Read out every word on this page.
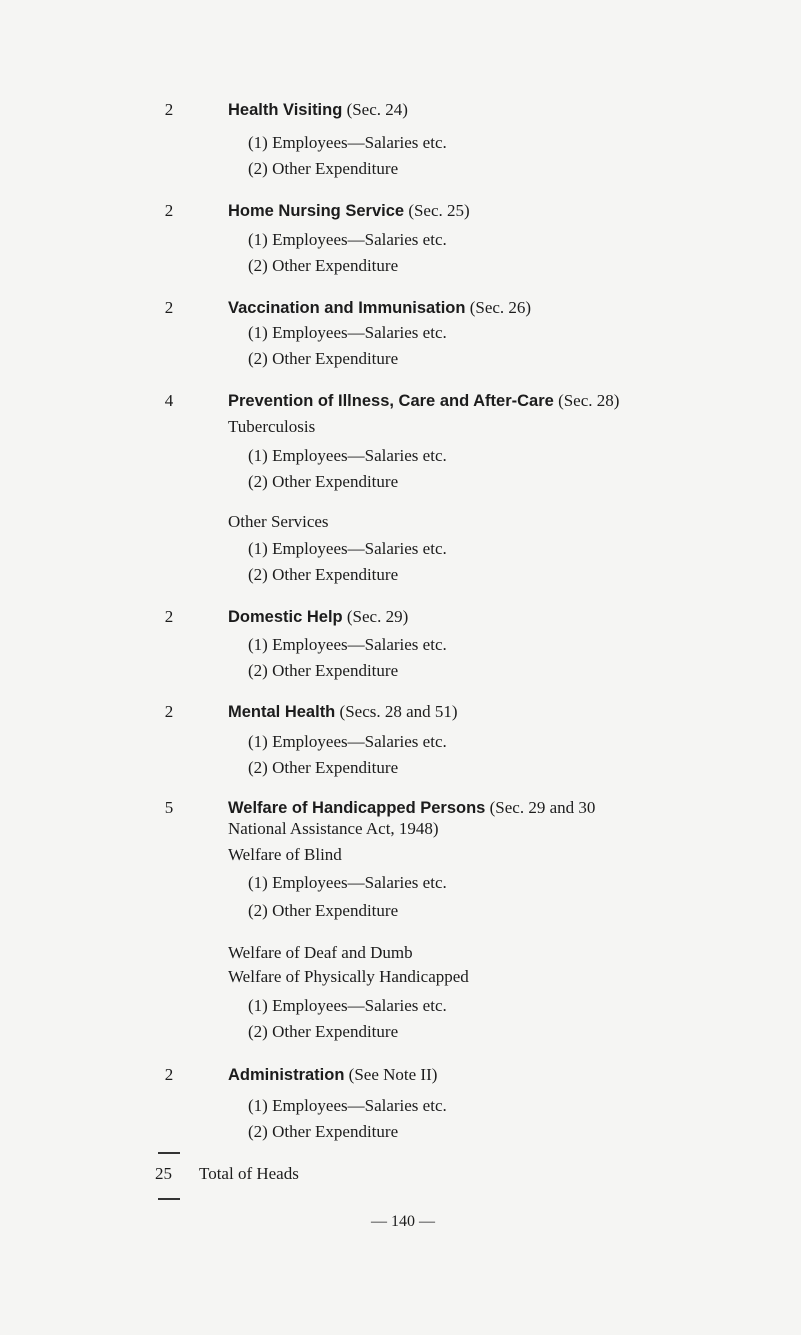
2	Health Visiting (Sec. 24)
(1) Employees—Salaries etc.
(2) Other Expenditure
2	Home Nursing Service (Sec. 25)
(1) Employees—Salaries etc.
(2) Other Expenditure
2	Vaccination and Immunisation (Sec. 26)
(1) Employees—Salaries etc.
(2) Other Expenditure
4	Prevention of Illness, Care and After-Care (Sec. 28)
Tuberculosis
(1) Employees—Salaries etc.
(2) Other Expenditure
Other Services
(1) Employees—Salaries etc.
(2) Other Expenditure
2	Domestic Help (Sec. 29)
(1) Employees—Salaries etc.
(2) Other Expenditure
2	Mental Health (Secs. 28 and 51)
(1) Employees—Salaries etc.
(2) Other Expenditure
5	Welfare of Handicapped Persons (Sec. 29 and 30
National Assistance Act, 1948)
Welfare of Blind
(1) Employees—Salaries etc.
(2) Other Expenditure
Welfare of Deaf and Dumb
Welfare of Physically Handicapped
(1) Employees—Salaries etc.
(2) Other Expenditure
2	Administration (See Note II)
(1) Employees—Salaries etc.
(2) Other Expenditure
25 Total of Heads
— 140 —
